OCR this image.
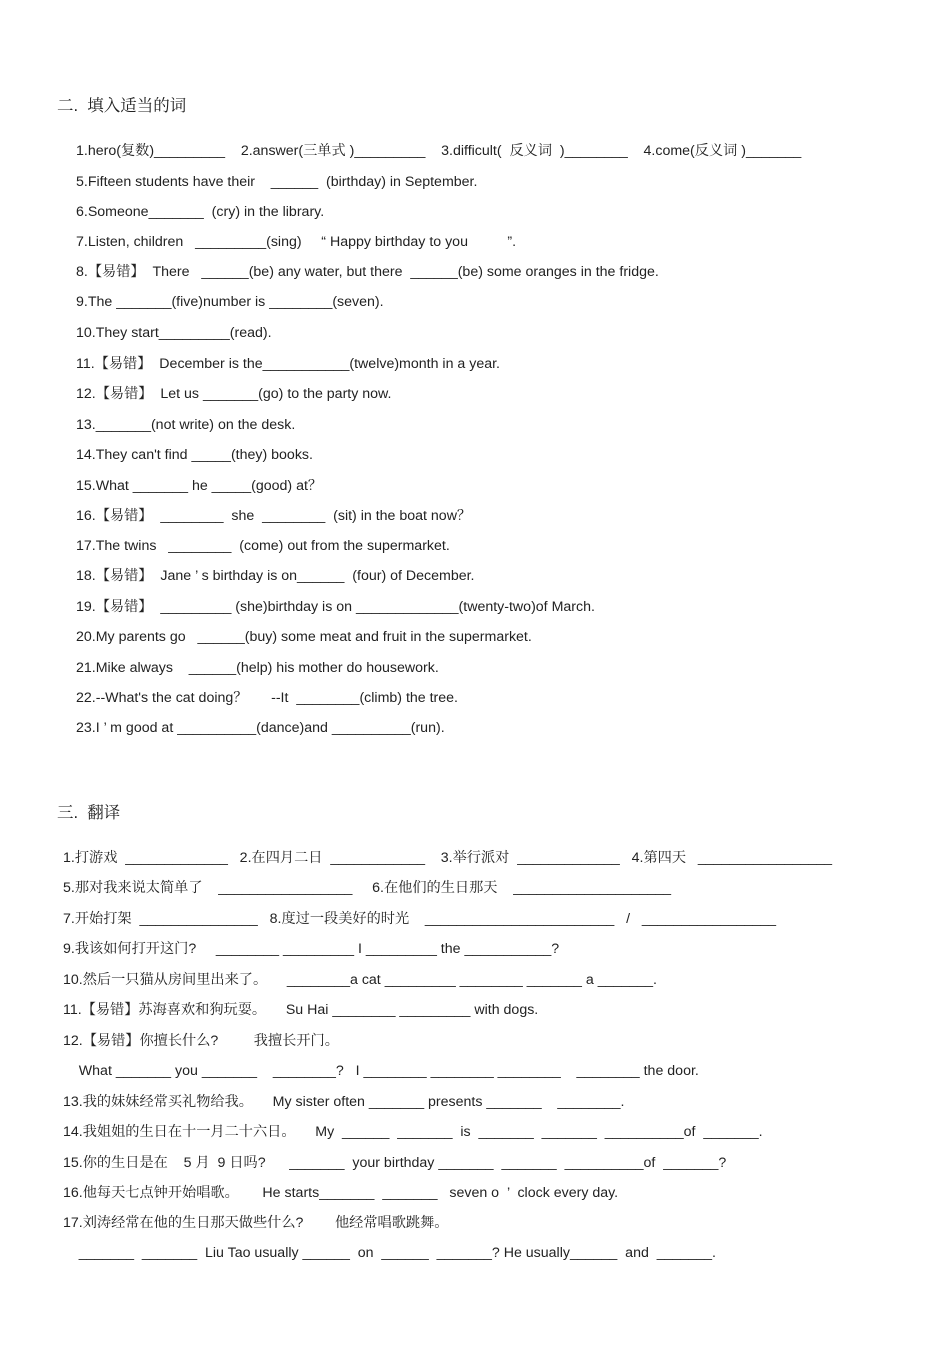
二.  填入适当的词
1.hero(复数)_________    2.answer(三单式 )_________    3.difficult(  反义词  )________    4.come(反义词 )_______
5.Fifteen students have their    ______  (birthday) in September.
6.Someone_______  (cry) in the library.
7.Listen, children   _________(sing)     “ Happy birthday to you          ”.
8.【易错】  There   ______(be) any water, but there  ______(be) some oranges in the fridge.
9.The _______(five)number is ________(seven).
10.They start_________(read).
11.【易错】  December is the___________(twelve)month in a year.
12.【易错】  Let us _______(go) to the party now.
13._______(not write) on the desk.
14.They can't find _____(they) books.
15.What _______ he _____(good) at？
16.【易错】  ________  she  ________  (sit) in the boat now？
17.The twins   ________  (come) out from the supermarket.
18.【易错】  Jane ’ s birthday is on______  (four) of December.
19.【易错】  _________ (she)birthday is on _____________(twenty-two)of March.
20.My parents go   ______(buy) some meat and fruit in the supermarket.
21.Mike always    ______(help) his mother do housework.
22.--What's the cat doing？      --It  ________(climb) the tree.
23.I ’ m good at __________(dance)and __________(run).
三.  翻译
1.打游戏  _____________   2.在四月二日  ____________    3.举行派对  _____________   4.第四天   _________________
5.那对我来说太简单了    _________________     6.在他们的生日那天    ____________________
7.开始打架  _______________   8.度过一段美好的时光    ________________________   /   _________________
9.我该如何打开这门?     ________ _________ I _________ the ___________?
10.然后一只猫从房间里出来了。     ________a cat _________ ________ _______ a _______.
11.【易错】苏海喜欢和狗玩耍。     Su Hai ________ _________ with dogs.
12.【易错】你擅长什么?         我擅长开门。
What _______ you _______    ________?   I ________ ________ ________    ________ the door.
13.我的妹妹经常买礼物给我。     My sister often _______ presents _______    ________.
14.我姐姐的生日在十一月二十六日。     My  ______  _______  is  _______  _______  __________of  _______.
15.你的生日是在    5 月  9 日吗?      _______  your birthday _______  _______  __________of  _______?
16.他每天七点钟开始唱歌。      He starts_______  _______   seven o  ’  clock every day.
17.刘涛经常在他的生日那天做些什么?        他经常唱歌跳舞。
_______  _______  Liu Tao usually ______  on  ______  _______? He usually______  and  _______.
